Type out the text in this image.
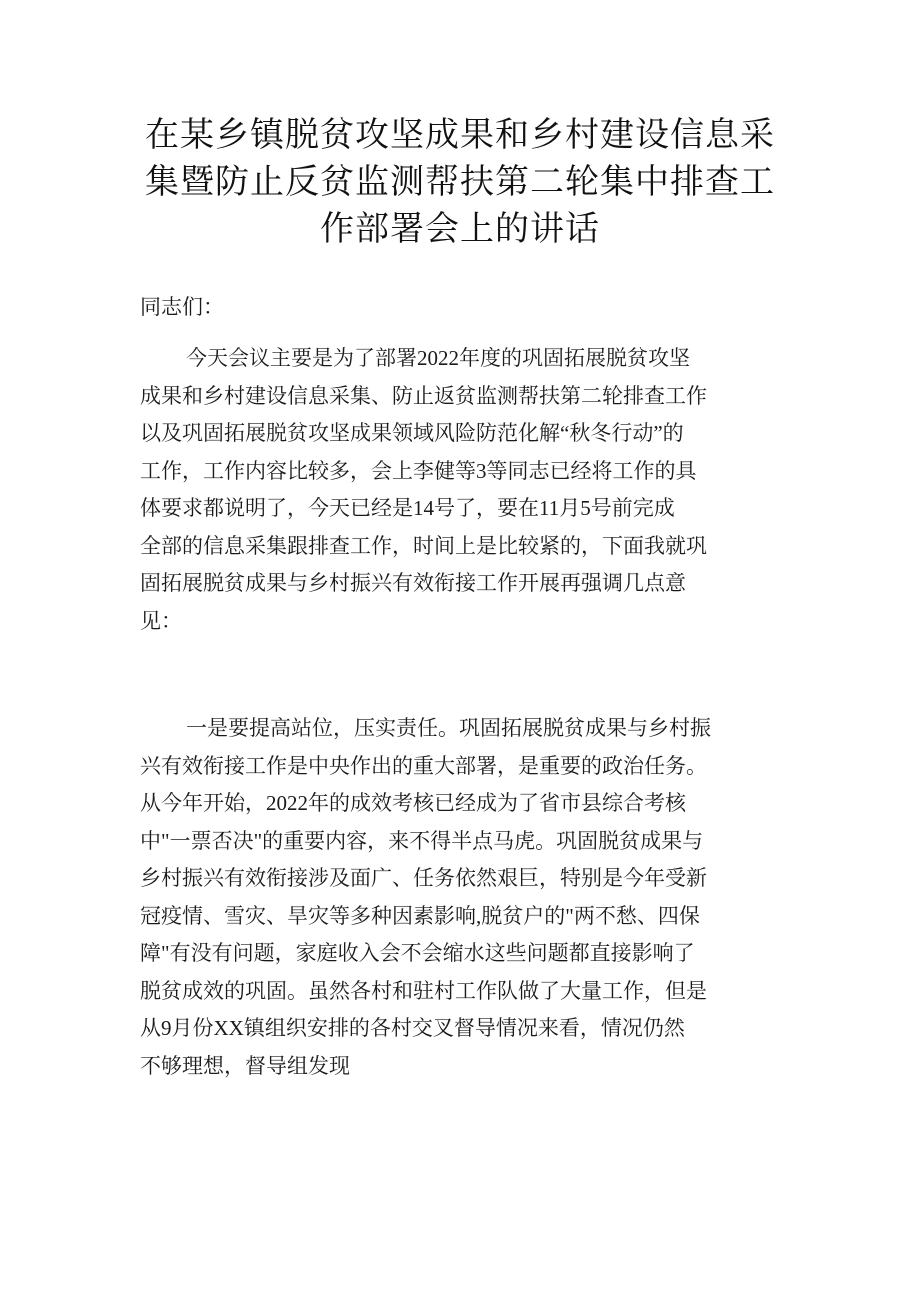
在某乡镇脱贫攻坚成果和乡村建设信息采
集暨防止反贫监测帮扶第二轮集中排查工
作部署会上的讲话
同志们：
今天会议主要是为了部署2022年度的巩固拓展脱贫攻坚
成果和乡村建设信息采集、防止返贫监测帮扶第二轮排查工作
以及巩固拓展脱贫攻坚成果领域风险防范化解“秋冬行动”的
工作，工作内容比较多，会上李健等3等同志已经将工作的具
体要求都说明了，今天已经是14号了，要在11月5号前完成
全部的信息采集跟排查工作，时间上是比较紧的，下面我就巩
固拓展脱贫成果与乡村振兴有效衔接工作开展再强调几点意
见：
一是要提高站位，压实责任。巩固拓展脱贫成果与乡村振
兴有效衔接工作是中央作出的重大部署，是重要的政治任务。
从今年开始，2022年的成效考核已经成为了省市县综合考核
中"一票否决"的重要内容，来不得半点马虎。巩固脱贫成果与
乡村振兴有效衔接涉及面广、任务依然艰巨，特别是今年受新
冠疫情、雪灾、旱灾等多种因素影响,脱贫户的"两不愁、四保
障"有没有问题，家庭收入会不会缩水这些问题都直接影响了
脱贫成效的巩固。虽然各村和驻村工作队做了大量工作，但是
从9月份XX镇组织安排的各村交叉督导情况来看，情况仍然
不够理想，督导组发现
